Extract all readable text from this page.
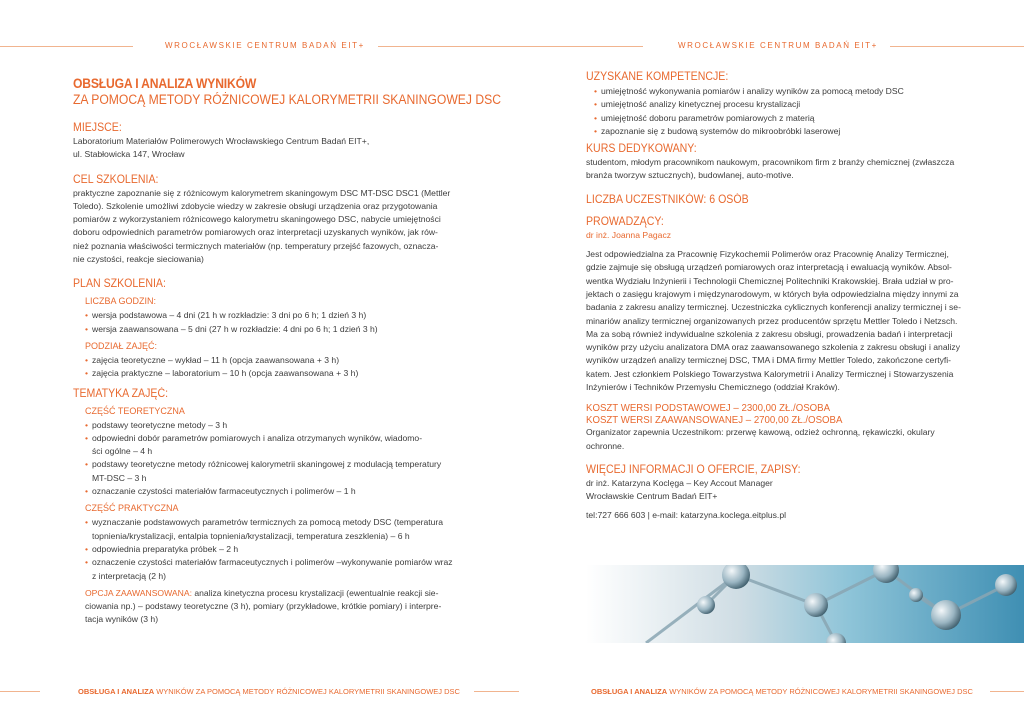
WROCŁAWSKIE CENTRUM BADAŃ EIT+	WROCŁAWSKIE CENTRUM BADAŃ EIT+
OBSŁUGA I ANALIZA WYNIKÓW
ZA POMOCĄ METODY RÓŻNICOWEJ KALORYMETRII SKANINGOWEJ DSC
MIEJSCE:
Laboratorium Materiałów Polimerowych Wrocławskiego Centrum Badań EIT+,
ul. Stabłowicka 147, Wrocław
CEL SZKOLENIA:
praktyczne zapoznanie się z różnicowym kalorymetrem skaningowym DSC MT-DSC DSC1 (Mettler
Toledo). Szkolenie umożliwi zdobycie wiedzy w zakresie obsługi urządzenia oraz przygotowania
pomiarów z wykorzystaniem różnicowego kalorymetru skaningowego DSC, nabycie umiejętności
doboru odpowiednich parametrów pomiarowych oraz interpretacji uzyskanych wyników, jak rów-
nież poznania właściwości termicznych materiałów (np. temperatury przejść fazowych, oznacza-
nie czystości, reakcje sieciowania)
PLAN SZKOLENIA:
LICZBA GODZIN:
• wersja podstawowa – 4 dni (21 h w rozkładzie: 3 dni po 6 h; 1 dzień 3 h)
• wersja zaawansowana – 5 dni (27 h w rozkładzie: 4 dni po 6 h; 1 dzień 3 h)
PODZIAŁ ZAJĘĆ:
• zajęcia teoretyczne – wykład – 11 h (opcja zaawansowana + 3 h)
• zajęcia praktyczne – laboratorium – 10 h (opcja zaawansowana + 3 h)
TEMATYKA ZAJĘĆ:
CZĘŚĆ TEORETYCZNA
• podstawy teoretyczne metody – 3 h
• odpowiedni dobór parametrów pomiarowych i analiza otrzymanych wyników, wiadomo-
ści ogólne – 4 h
• podstawy teoretyczne metody różnicowej kalorymetrii skaningowej z modulacją temperatury
MT-DSC – 3 h
• oznaczanie czystości materiałów farmaceutycznych i polimerów – 1 h
CZĘŚĆ PRAKTYCZNA
• wyznaczanie podstawowych parametrów termicznych za pomocą metody DSC (temperatura
topnienia/krystalizacji, entalpia topnienia/krystalizacji, temperatura zeszklenia) – 6 h
• odpowiednia preparatyka próbek – 2 h
• oznaczenie czystości materiałów farmaceutycznych i polimerów –wykonywanie pomiarów wraz
z interpretacją (2 h)
OPCJA ZAAWANSOWANA: analiza kinetyczna procesu krystalizacji (ewentualnie reakcji sie-
ciowania np.) – podstawy teoretyczne (3 h), pomiary (przykładowe, krótkie pomiary) i interpre-
tacja wyników (3 h)
UZYSKANE KOMPETENCJE:
• umiejętność wykonywania pomiarów i analizy wyników za pomocą metody DSC
• umiejętność analizy kinetycznej procesu krystalizacji
• umiejętność doboru parametrów pomiarowych z materią
• zapoznanie się z budową systemów do mikroobróbki laserowej
KURS DEDYKOWANY:
studentom, młodym pracownikom naukowym, pracownikom firm z branży chemicznej (zwłaszcza
branża tworzyw sztucznych), budowlanej, auto-motive.
LICZBA UCZESTNIKÓW: 6 OSÓB
PROWADZĄCY:
dr inż. Joanna Pagacz
Jest odpowiedzialna za Pracownię Fizykochemii Polimerów oraz Pracownię Analizy Termicznej,
gdzie zajmuje się obsługą urządzeń pomiarowych oraz interpretacją i ewaluacją wyników. Absol-
wentka Wydziału Inżynierii i Technologii Chemicznej Politechniki Krakowskiej. Brała udział w pro-
jektach o zasięgu krajowym i międzynarodowym, w których była odpowiedzialna między innymi za
badania z zakresu analizy termicznej. Uczestniczka cyklicznych konferencji analizy termicznej i se-
minariów analizy termicznej organizowanych przez producentów sprzętu Mettler Toledo i Netzsch.
Ma za sobą również indywidualne szkolenia z zakresu obsługi, prowadzenia badań i interpretacji
wyników przy użyciu analizatora DMA oraz zaawansowanego szkolenia z zakresu obsługi i analizy
wyników urządzeń analizy termicznej DSC, TMA i DMA firmy Mettler Toledo, zakończone certyfi-
katem. Jest członkiem Polskiego Towarzystwa Kalorymetrii i Analizy Termicznej i Stowarzyszenia
Inżynierów i Techników Przemysłu Chemicznego (oddział Kraków).
KOSZT WERSI PODSTAWOWEJ – 2300,00 ZŁ./OSOBA
KOSZT WERSI ZAAWANSOWANEJ – 2700,00 ZŁ./OSOBA
Organizator zapewnia Uczestnikom: przerwę kawową, odzież ochronną, rękawiczki, okulary
ochronne.
WIĘCEJ INFORMACJI O OFERCIE, ZAPISY:
dr inż. Katarzyna Koclęga – Key Accout Manager
Wrocławskie Centrum Badań EIT+
tel:727 666 603 | e-mail: katarzyna.koclega.eitplus.pl
OBSŁUGA I ANALIZA WYNIKÓW ZA POMOCĄ METODY RÓŻNICOWEJ KALORYMETRII SKANINGOWEJ DSC	OBSŁUGA I ANALIZA WYNIKÓW ZA POMOCĄ METODY RÓŻNICOWEJ KALORYMETRII SKANINGOWEJ DSC
